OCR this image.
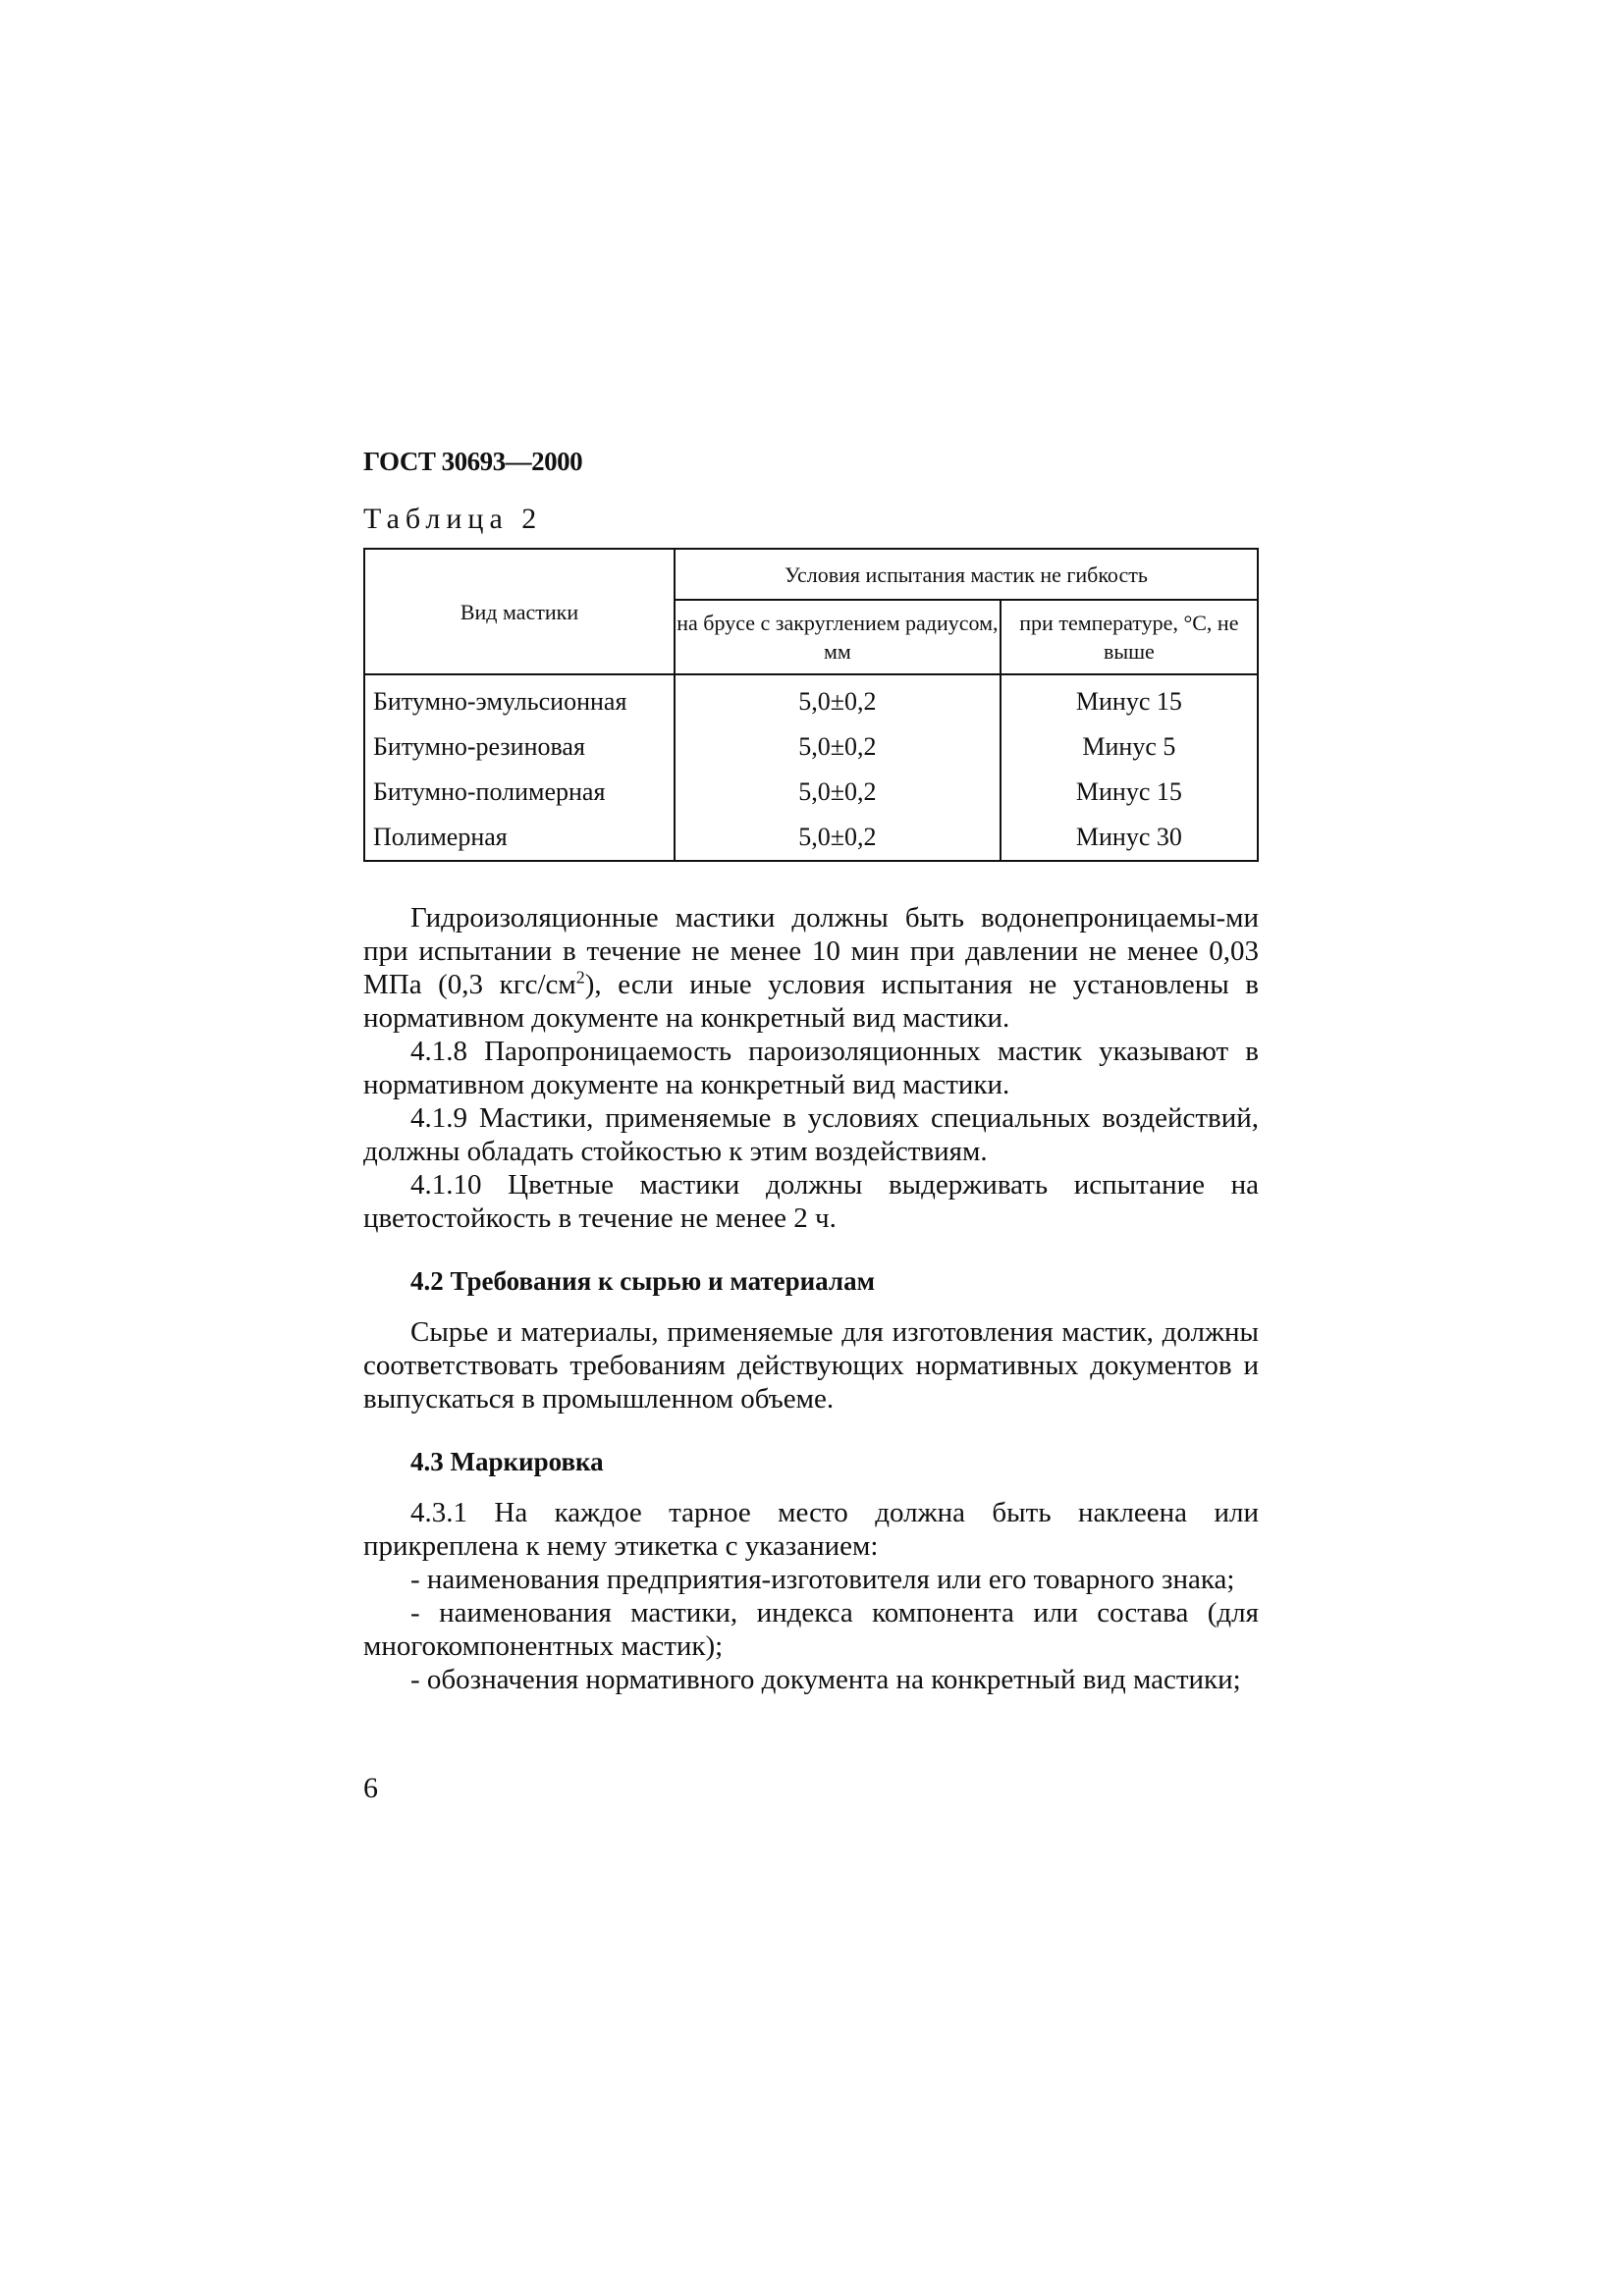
ГОСТ 30693—2000
Таблица 2
Вид мастики	Условия испытания мастик не гибкость	
	на брусе с закруглением радиусом, мм	при температуре, °С, не выше
Битумно-эмульсионная	5,0±0,2	Минус 15
Битумно-резиновая	5,0±0,2	Минус 5
Битумно-полимерная	5,0±0,2	Минус 15
Полимерная	5,0±0,2	Минус 30

Гидроизоляционные мастики должны быть водонепроницаемы-ми при испытании в течение не менее 10 мин при давлении не менее 0,03 МПа (0,3 кгс/$см^2$), если иные условия испытания не установлены в нормативном документе на конкретный вид мастики.

4.1.8 Паропроницаемость пароизоляционных мастик указывают в нормативном документе на конкретный вид мастики.

4.1.9 Мастики, применяемые в условиях специальных воздействий, должны обладать стойкостью к этим воздействиям.

4.1.10 Цветные мастики должны выдерживать испытание на цветостойкость в течение не менее 2 ч.

4.2 Требования к сырью и материалам

Сырье и материалы, применяемые для изготовления мастик, должны соответствовать требованиям действующих нормативных документов и выпускаться в промышленном объеме.

4.3 Маркировка

4.3.1 На каждое тарное место должна быть наклеена или прикреплена к нему этикетка с указанием:

- наименования предприятия-изготовителя или его товарного знака;

- наименования мастики, индекса компонента или состава (для многокомпонентных мастик);

- обозначения нормативного документа на конкретный вид мастики;

6
